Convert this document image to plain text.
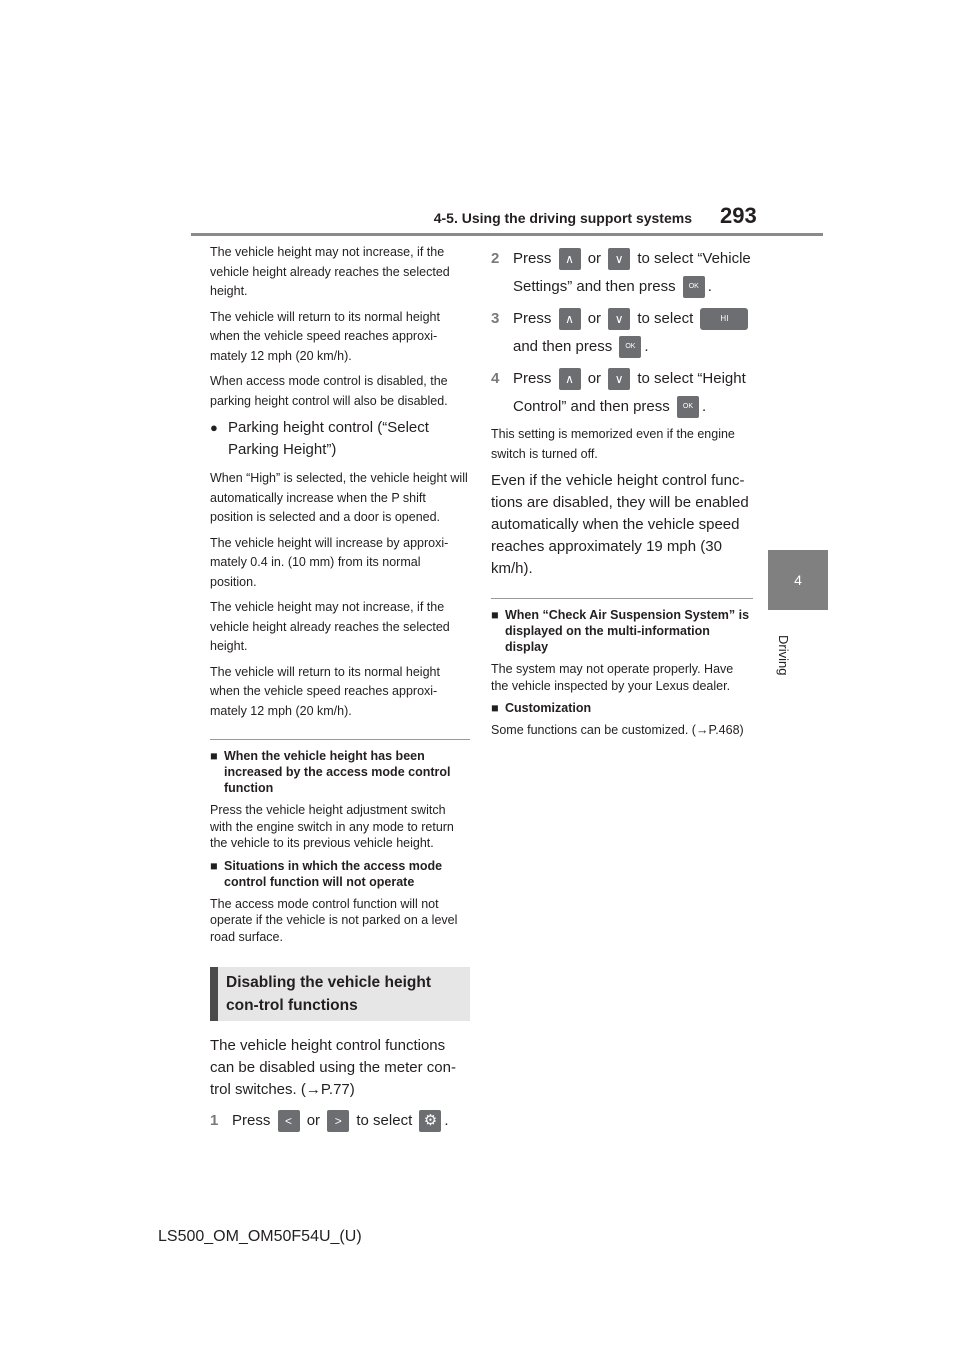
4-5. Using the driving support systems 293
4
Driving

The vehicle height may not increase, if the vehicle height already reaches the selected height.

The vehicle will return to its normal height when the vehicle speed reaches approxi-mately 12 mph (20 km/h).

When access mode control is disabled, the parking height control will also be disabled.

● Parking height control (“Select Parking Height”)

When “High” is selected, the vehicle height will automatically increase when the P shift position is selected and a door is opened.

The vehicle height will increase by approxi-mately 0.4 in. (10 mm) from its normal position.

The vehicle height may not increase, if the vehicle height already reaches the selected height.

The vehicle will return to its normal height when the vehicle speed reaches approxi-mately 12 mph (20 km/h).

■ When the vehicle height has been increased by the access mode control function

Press the vehicle height adjustment switch with the engine switch in any mode to return the vehicle to its previous vehicle height.

■ Situations in which the access mode control function will not operate

The access mode control function will not operate if the vehicle is not parked on a level road surface.

Disabling the vehicle height con-trol functions

The vehicle height control functions can be disabled using the meter con-trol switches. (→P.77)

1 Press < or > to select ⚙ .
2 Press ∧ or ∨ to select “Vehicle
Settings” and then press OK .
3 Press ∧ or ∨ to select	HI
and then press OK .
4 Press ∧ or ∨ to select “Height
Control” and then press OK .

This setting is memorized even if the engine switch is turned off.

Even if the vehicle height control func-tions are disabled, they will be enabled automatically when the vehicle speed reaches approximately 19 mph (30 km/h).

■ When “Check Air Suspension System” is displayed on the multi-information display

The system may not operate properly. Have the vehicle inspected by your Lexus dealer.

■ Customization

Some functions can be customized. (→P.468)

LS500_OM_OM50F54U_(U)
